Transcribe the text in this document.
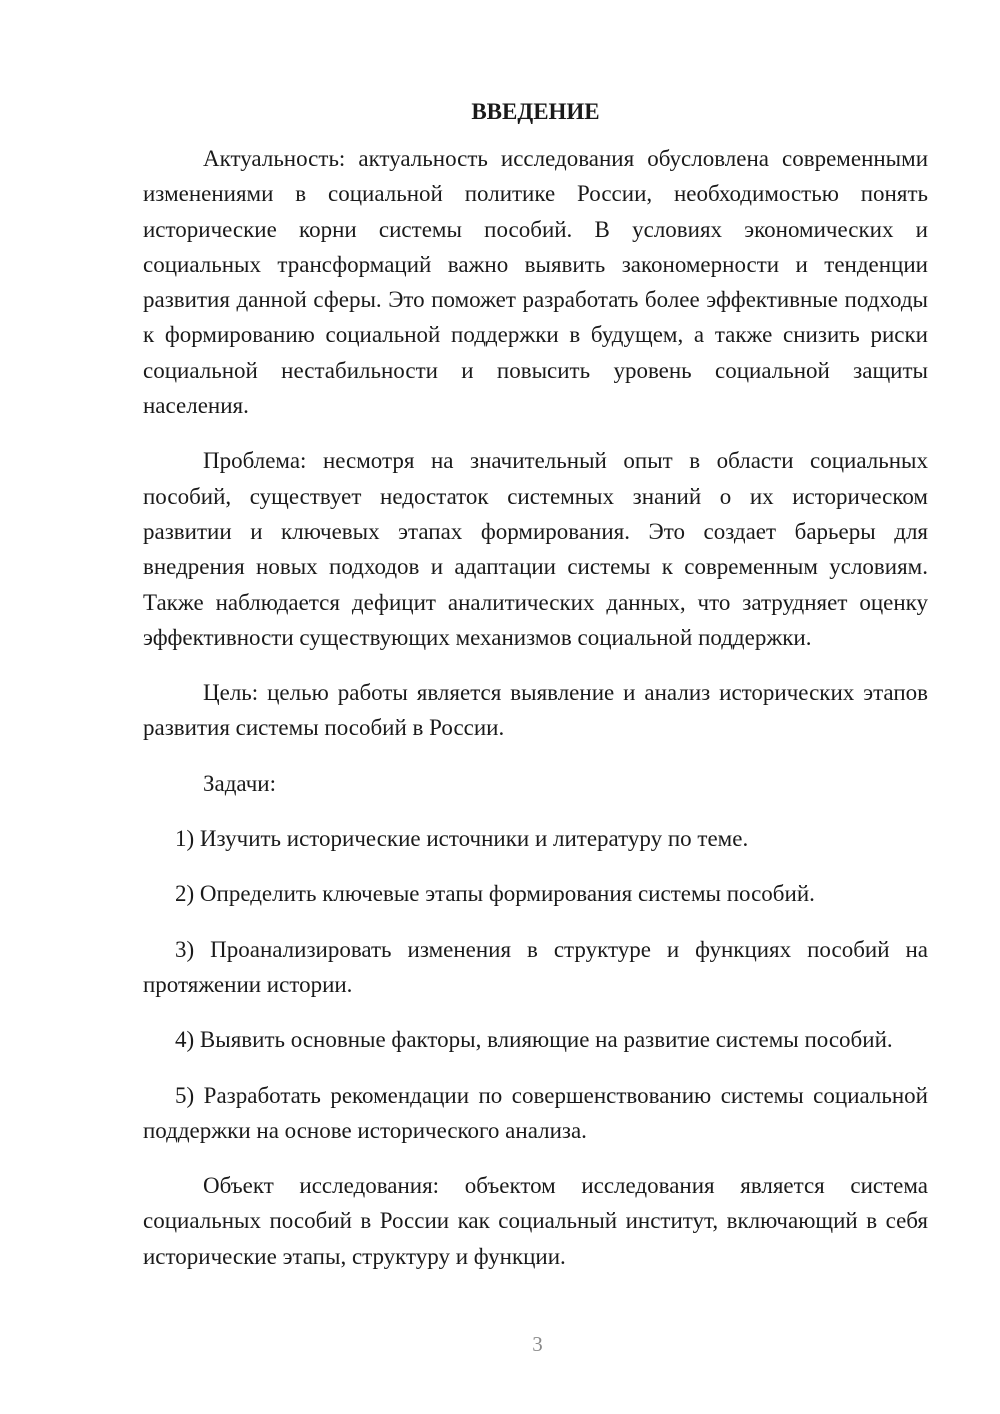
ВВЕДЕНИЕ

Актуальность: актуальность исследования обусловлена современными изменениями в социальной политике России, необходимостью понять исторические корни системы пособий. В условиях экономических и социальных трансформаций важно выявить закономерности и тенденции развития данной сферы. Это поможет разработать более эффективные подходы к формированию социальной поддержки в будущем, а также снизить риски социальной нестабильности и повысить уровень социальной защиты населения.

Проблема: несмотря на значительный опыт в области социальных пособий, существует недостаток системных знаний о их историческом развитии и ключевых этапах формирования. Это создает барьеры для внедрения новых подходов и адаптации системы к современным условиям. Также наблюдается дефицит аналитических данных, что затрудняет оценку эффективности существующих механизмов социальной поддержки.

Цель: целью работы является выявление и анализ исторических этапов развития системы пособий в России.

Задачи:

1) Изучить исторические источники и литературу по теме.

2) Определить ключевые этапы формирования системы пособий.

3) Проанализировать изменения в структуре и функциях пособий на протяжении истории.

4) Выявить основные факторы, влияющие на развитие системы пособий.

5) Разработать рекомендации по совершенствованию системы социальной поддержки на основе исторического анализа.

Объект исследования: объектом исследования является система социальных пособий в России как социальный институт, включающий в себя исторические этапы, структуру и функции.

3
